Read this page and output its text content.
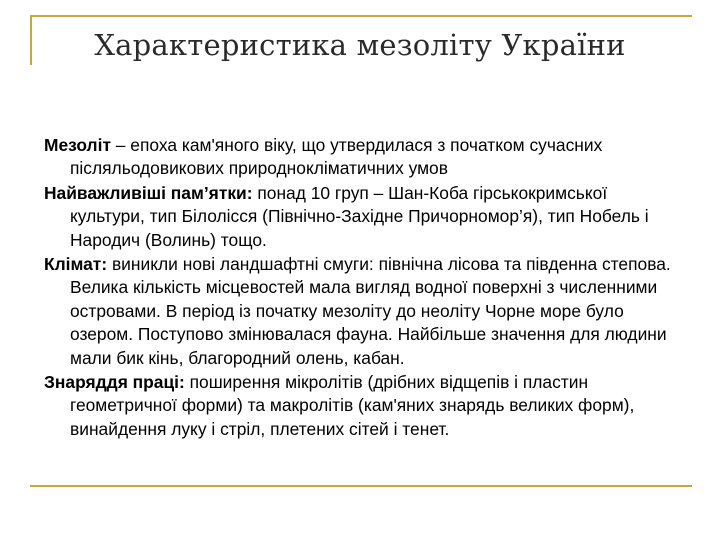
Характеристика мезоліту України

Мезоліт – епоха кам'яного віку, що утвердилася з початком сучасних післяльодовикових природнокліматичних умов

Найважливіші пам’ятки: понад 10 груп – Шан-Коба гірськокримської культури, тип Білолісся (Північно-Західне Причорномор’я), тип Нобель і Народич (Волинь) тощо.

Клімат: виникли нові ландшафтні смуги: північна лісова та південна степова. Велика кількість місцевостей мала вигляд водної поверхні з численними островами. В період із початку мезоліту до неоліту Чорне море було озером. Поступово змінювалася фауна. Найбільше значення для людини мали бик кінь, благородний олень, кабан.

Знаряддя праці: поширення мікролітів (дрібних відщепів і пластин геометричної форми) та макролітів (кам'яних знарядь великих форм), винайдення луку і стріл, плетених сітей і тенет.
